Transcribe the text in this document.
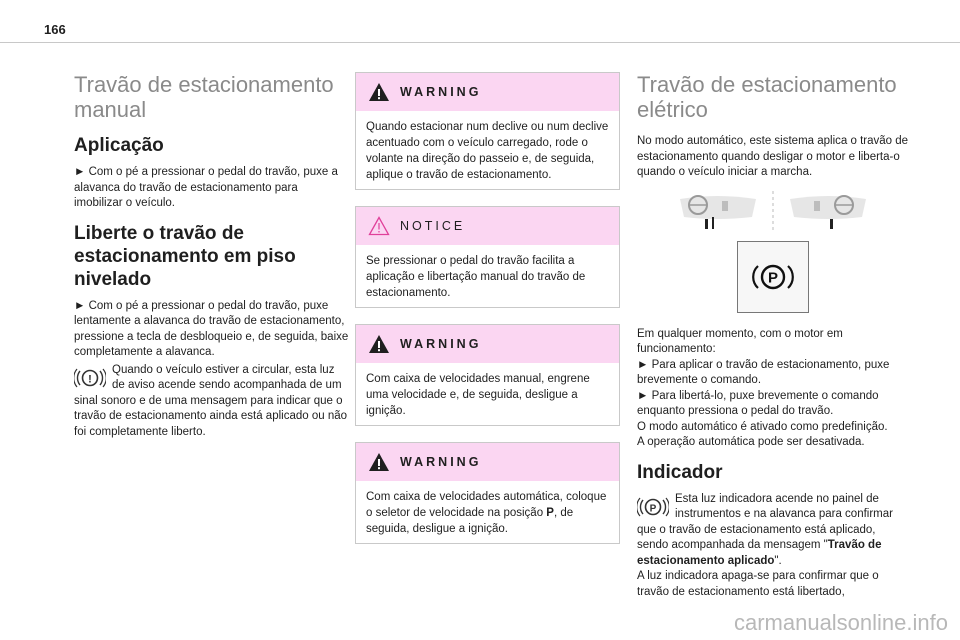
166
Travão de estacionamento manual
Aplicação

► Com o pé a pressionar o pedal do travão, puxe a alavanca do travão de estacionamento para imobilizar o veículo.

Liberte o travão de estacionamento em piso nivelado

► Com o pé a pressionar o pedal do travão, puxe lentamente a alavanca do travão de estacionamento, pressione a tecla de desbloqueio e, de seguida, baixe completamente a alavanca.

!

Quando o veículo estiver a circular, esta luz de aviso acende sendo acompanhada de um sinal sonoro e de uma mensagem para indicar que o travão de estacionamento ainda está aplicado ou não foi completamente liberto.

WARNING
Quando estacionar num declive ou num declive acentuado com o veículo carregado, rode o volante na direção do passeio e, de seguida, aplique o travão de estacionamento.
NOTICE
Se pressionar o pedal do travão facilita a aplicação e libertação manual do travão de estacionamento.
WARNING
Com caixa de velocidades manual, engrene uma velocidade e, de seguida, desligue a ignição.
WARNING
Com caixa de velocidades automática, coloque o seletor de velocidade na posição P, de seguida, desligue a ignição.
Travão de estacionamento elétrico

No modo automático, este sistema aplica o travão de estacionamento quando desligar o motor e liberta-o quando o veículo iniciar a marcha.

P

Em qualquer momento, com o motor em funcionamento:
► Para aplicar o travão de estacionamento, puxe brevemente o comando.
► Para libertá-lo, puxe brevemente o comando enquanto pressiona o pedal do travão.
O modo automático é ativado como predefinição.
A operação automática pode ser desativada.

Indicador
P

Esta luz indicadora acende no painel de instrumentos e na alavanca para confirmar que o travão de estacionamento está aplicado, sendo acompanhada da mensagem "Travão de estacionamento aplicado".
A luz indicadora apaga-se para confirmar que o travão de estacionamento está libertado,

carmanualsonline.info
